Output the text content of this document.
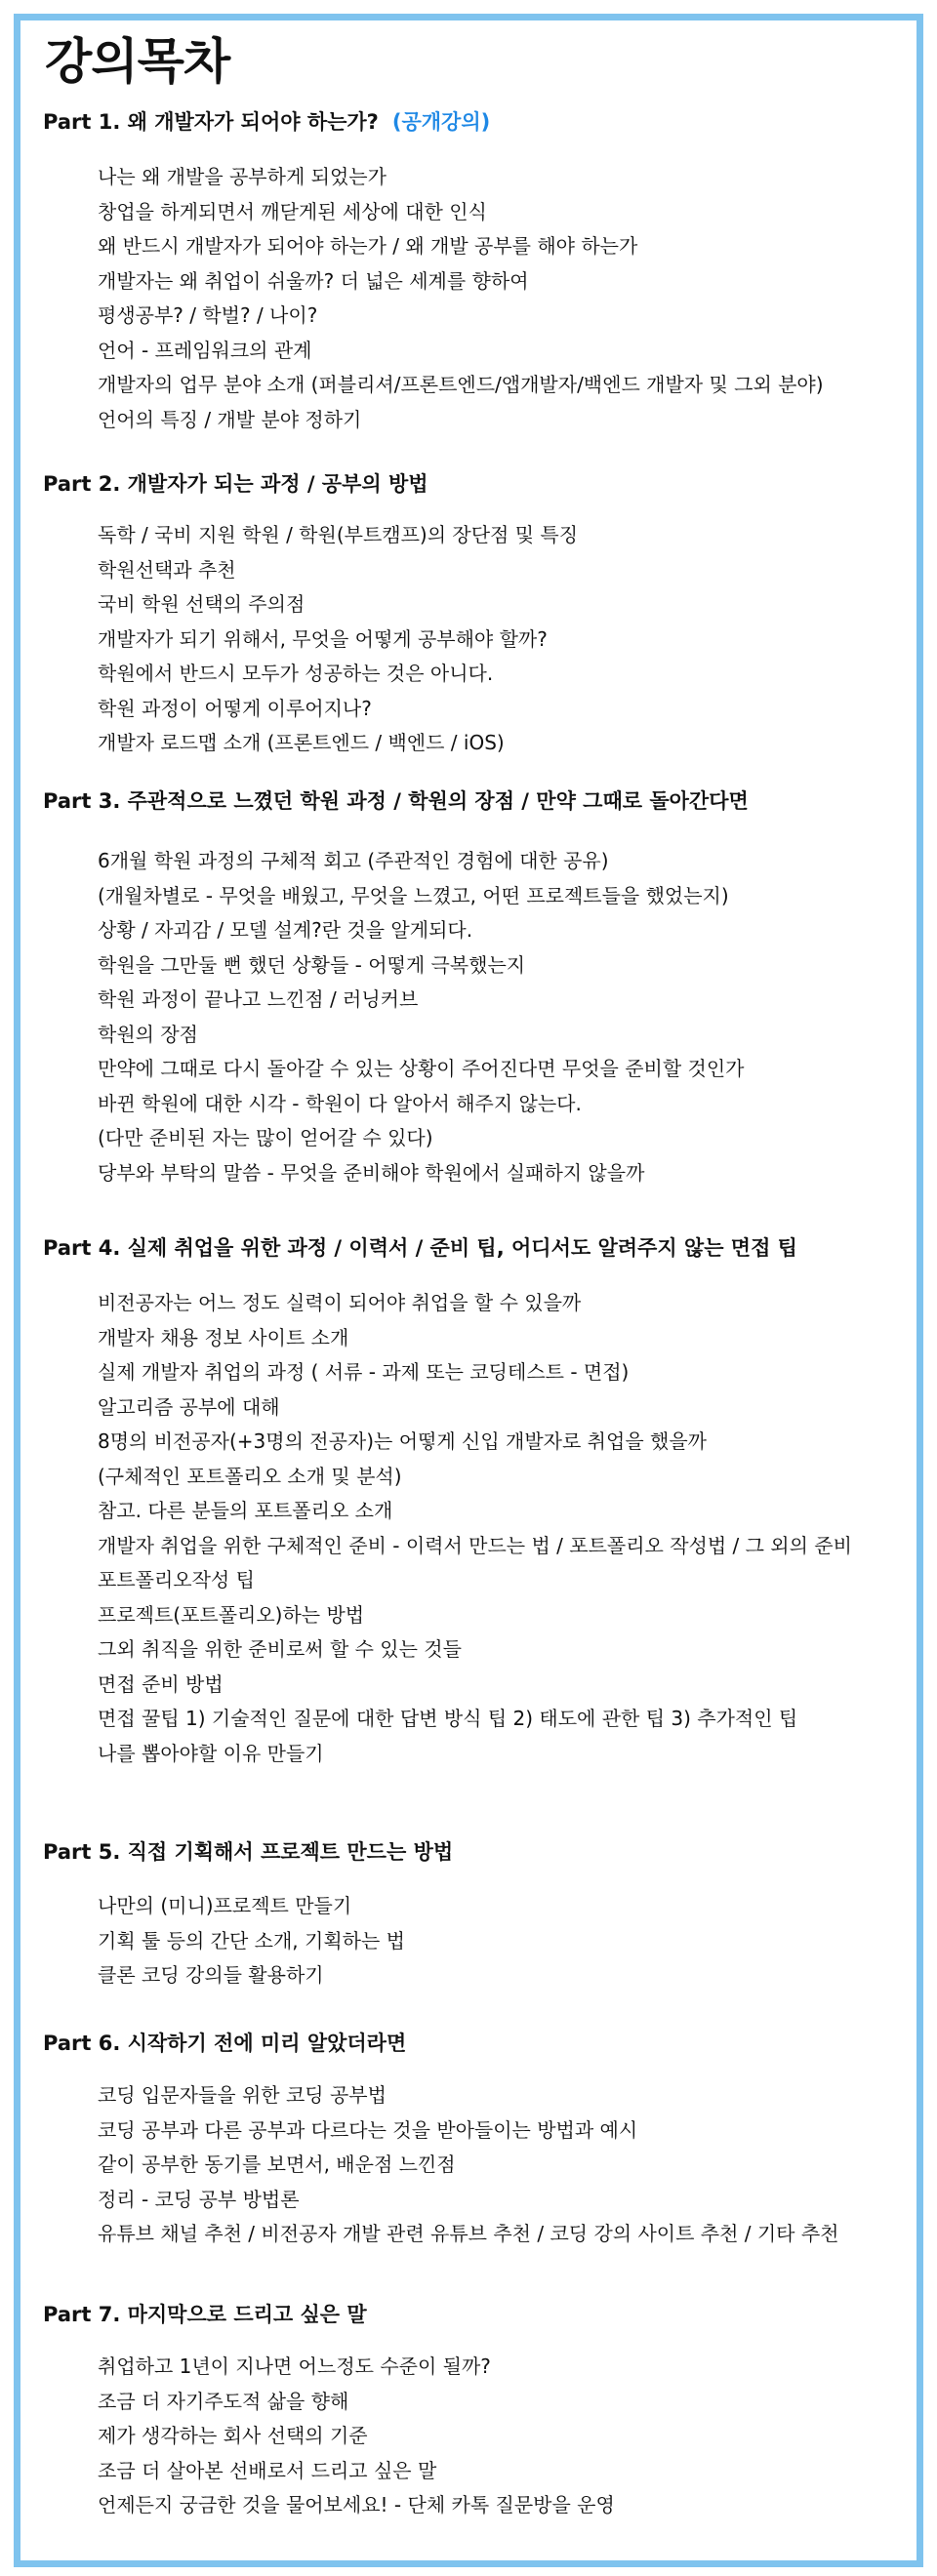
강의목차
Part 1. 왜 개발자가 되어야 하는가? (공개강의)
나는 왜 개발을 공부하게 되었는가
창업을 하게되면서 깨닫게된 세상에 대한 인식
왜 반드시 개발자가 되어야 하는가 / 왜 개발 공부를 해야 하는가
개발자는 왜 취업이 쉬울까? 더 넓은 세계를 향하여
평생공부? / 학벌? / 나이?
언어 - 프레임워크의 관계
개발자의 업무 분야 소개 (퍼블리셔/프론트엔드/앱개발자/백엔드 개발자 및 그외 분야)
언어의 특징 / 개발 분야 정하기
Part 2. 개발자가 되는 과정 / 공부의 방법
독학 / 국비 지원 학원 / 학원(부트캠프)의 장단점 및 특징
학원선택과 추천
국비 학원 선택의 주의점
개발자가 되기 위해서, 무엇을 어떻게 공부해야 할까?
학원에서 반드시 모두가 성공하는 것은 아니다.
학원 과정이 어떻게 이루어지나?
개발자 로드맵 소개 (프론트엔드 / 백엔드 / iOS)
Part 3. 주관적으로 느꼈던 학원 과정 / 학원의 장점 / 만약 그때로 돌아간다면
6개월 학원 과정의 구체적 회고 (주관적인 경험에 대한 공유)
(개월차별로 - 무엇을 배웠고, 무엇을 느꼈고, 어떤 프로젝트들을 했었는지)
상황 / 자괴감 / 모델 설계?란 것을 알게되다.
학원을 그만둘 뻔 했던 상황들 - 어떻게 극복했는지
학원 과정이 끝나고 느낀점 / 러닝커브
학원의 장점
만약에 그때로 다시 돌아갈 수 있는 상황이 주어진다면 무엇을 준비할 것인가
바뀐 학원에 대한 시각 - 학원이 다 알아서 해주지 않는다.
(다만 준비된 자는 많이 얻어갈 수 있다)
당부와 부탁의 말씀 - 무엇을 준비해야 학원에서 실패하지 않을까
Part 4. 실제 취업을 위한 과정 / 이력서 / 준비 팁, 어디서도 알려주지 않는 면접 팁
비전공자는 어느 정도 실력이 되어야 취업을 할 수 있을까
개발자 채용 정보 사이트 소개
실제 개발자 취업의 과정 ( 서류 - 과제 또는 코딩테스트 - 면접)
알고리즘 공부에 대해
8명의 비전공자(+3명의 전공자)는 어떻게 신입 개발자로 취업을 했을까
(구체적인 포트폴리오 소개 및 분석)
참고. 다른 분들의 포트폴리오 소개
개발자 취업을 위한 구체적인 준비 - 이력서 만드는 법 / 포트폴리오 작성법 / 그 외의 준비
포트폴리오작성 팁
프로젝트(포트폴리오)하는 방법
그외 취직을 위한 준비로써 할 수 있는 것들
면접 준비 방법
면접 꿀팁 1) 기술적인 질문에 대한 답변 방식 팁 2) 태도에 관한 팁 3) 추가적인 팁
나를 뽑아야할 이유 만들기
Part 5. 직접 기획해서 프로젝트 만드는 방법
나만의 (미니)프로젝트 만들기
기획 툴 등의 간단 소개, 기획하는 법
클론 코딩 강의들 활용하기
Part 6. 시작하기 전에 미리 알았더라면
코딩 입문자들을 위한 코딩 공부법
코딩 공부과 다른 공부과 다르다는 것을 받아들이는 방법과 예시
같이 공부한 동기를 보면서, 배운점 느낀점
정리 - 코딩 공부 방법론
유튜브 채널 추천 / 비전공자 개발 관련 유튜브 추천 / 코딩 강의 사이트 추천 / 기타 추천
Part 7. 마지막으로 드리고 싶은 말
취업하고 1년이 지나면 어느정도 수준이 될까?
조금 더 자기주도적 삶을 향해
제가 생각하는 회사 선택의 기준
조금 더 살아본 선배로서 드리고 싶은 말
언제든지 궁금한 것을 물어보세요! - 단체 카톡 질문방을 운영
